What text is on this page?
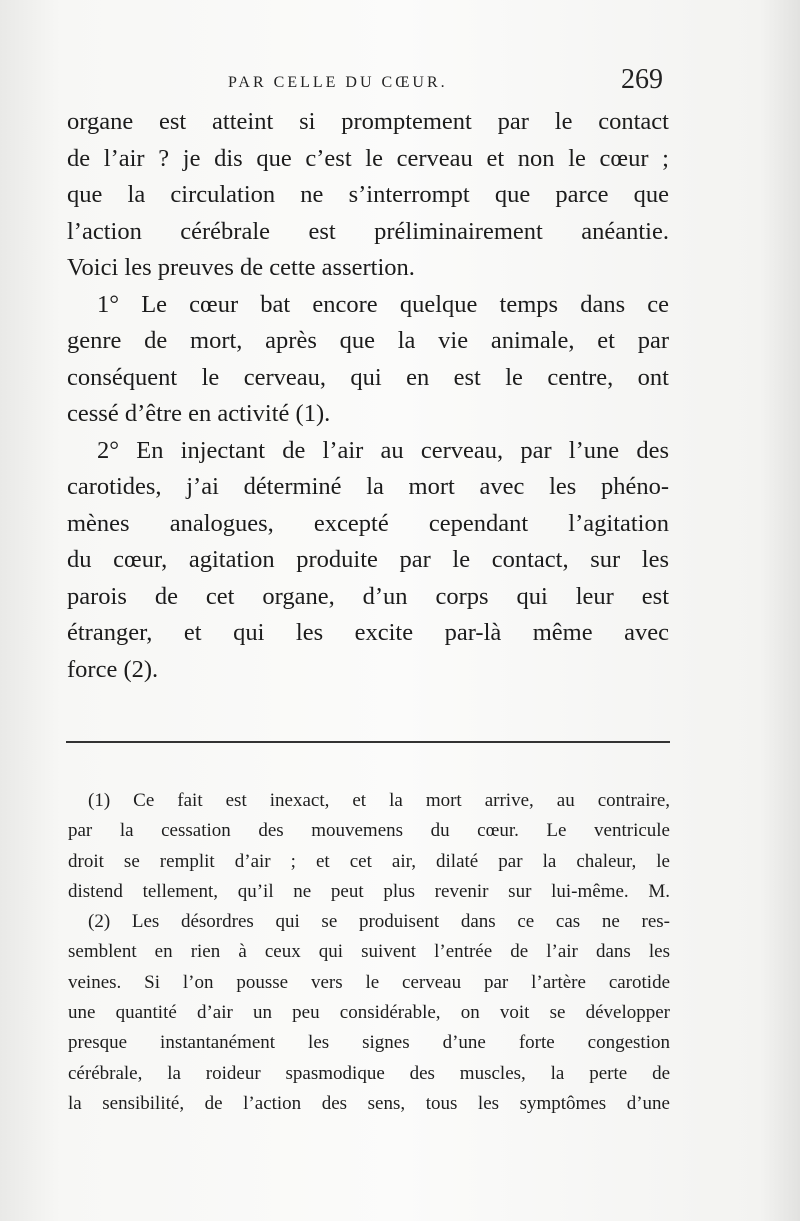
PAR CELLE DU CŒUR.	269
organe est atteint si promptement par le contact
de l’air ? je dis que c’est le cerveau et non le cœur ;
que la circulation ne s’interrompt que parce que
l’action cérébrale est préliminairement anéantie.
Voici les preuves de cette assertion.
1° Le cœur bat encore quelque temps dans ce
genre de mort, après que la vie animale, et par
conséquent le cerveau, qui en est le centre, ont
cessé d’être en activité (1).
2° En injectant de l’air au cerveau, par l’une des
carotides, j’ai déterminé la mort avec les phéno-
mènes analogues, excepté cependant l’agitation
du cœur, agitation produite par le contact, sur les
parois de cet organe, d’un corps qui leur est
étranger, et qui les excite par-là même avec
force (2).
(1) Ce fait est inexact, et la mort arrive, au contraire,
par la cessation des mouvemens du cœur. Le ventricule
droit se remplit d’air ; et cet air, dilaté par la chaleur, le
distend tellement, qu’il ne peut plus revenir sur lui-même. M.
(2) Les désordres qui se produisent dans ce cas ne res-
semblent en rien à ceux qui suivent l’entrée de l’air dans les
veines. Si l’on pousse vers le cerveau par l’artère carotide
une quantité d’air un peu considérable, on voit se développer
presque instantanément les signes d’une forte congestion
cérébrale, la roideur spasmodique des muscles, la perte de
la sensibilité, de l’action des sens, tous les symptômes d’une
